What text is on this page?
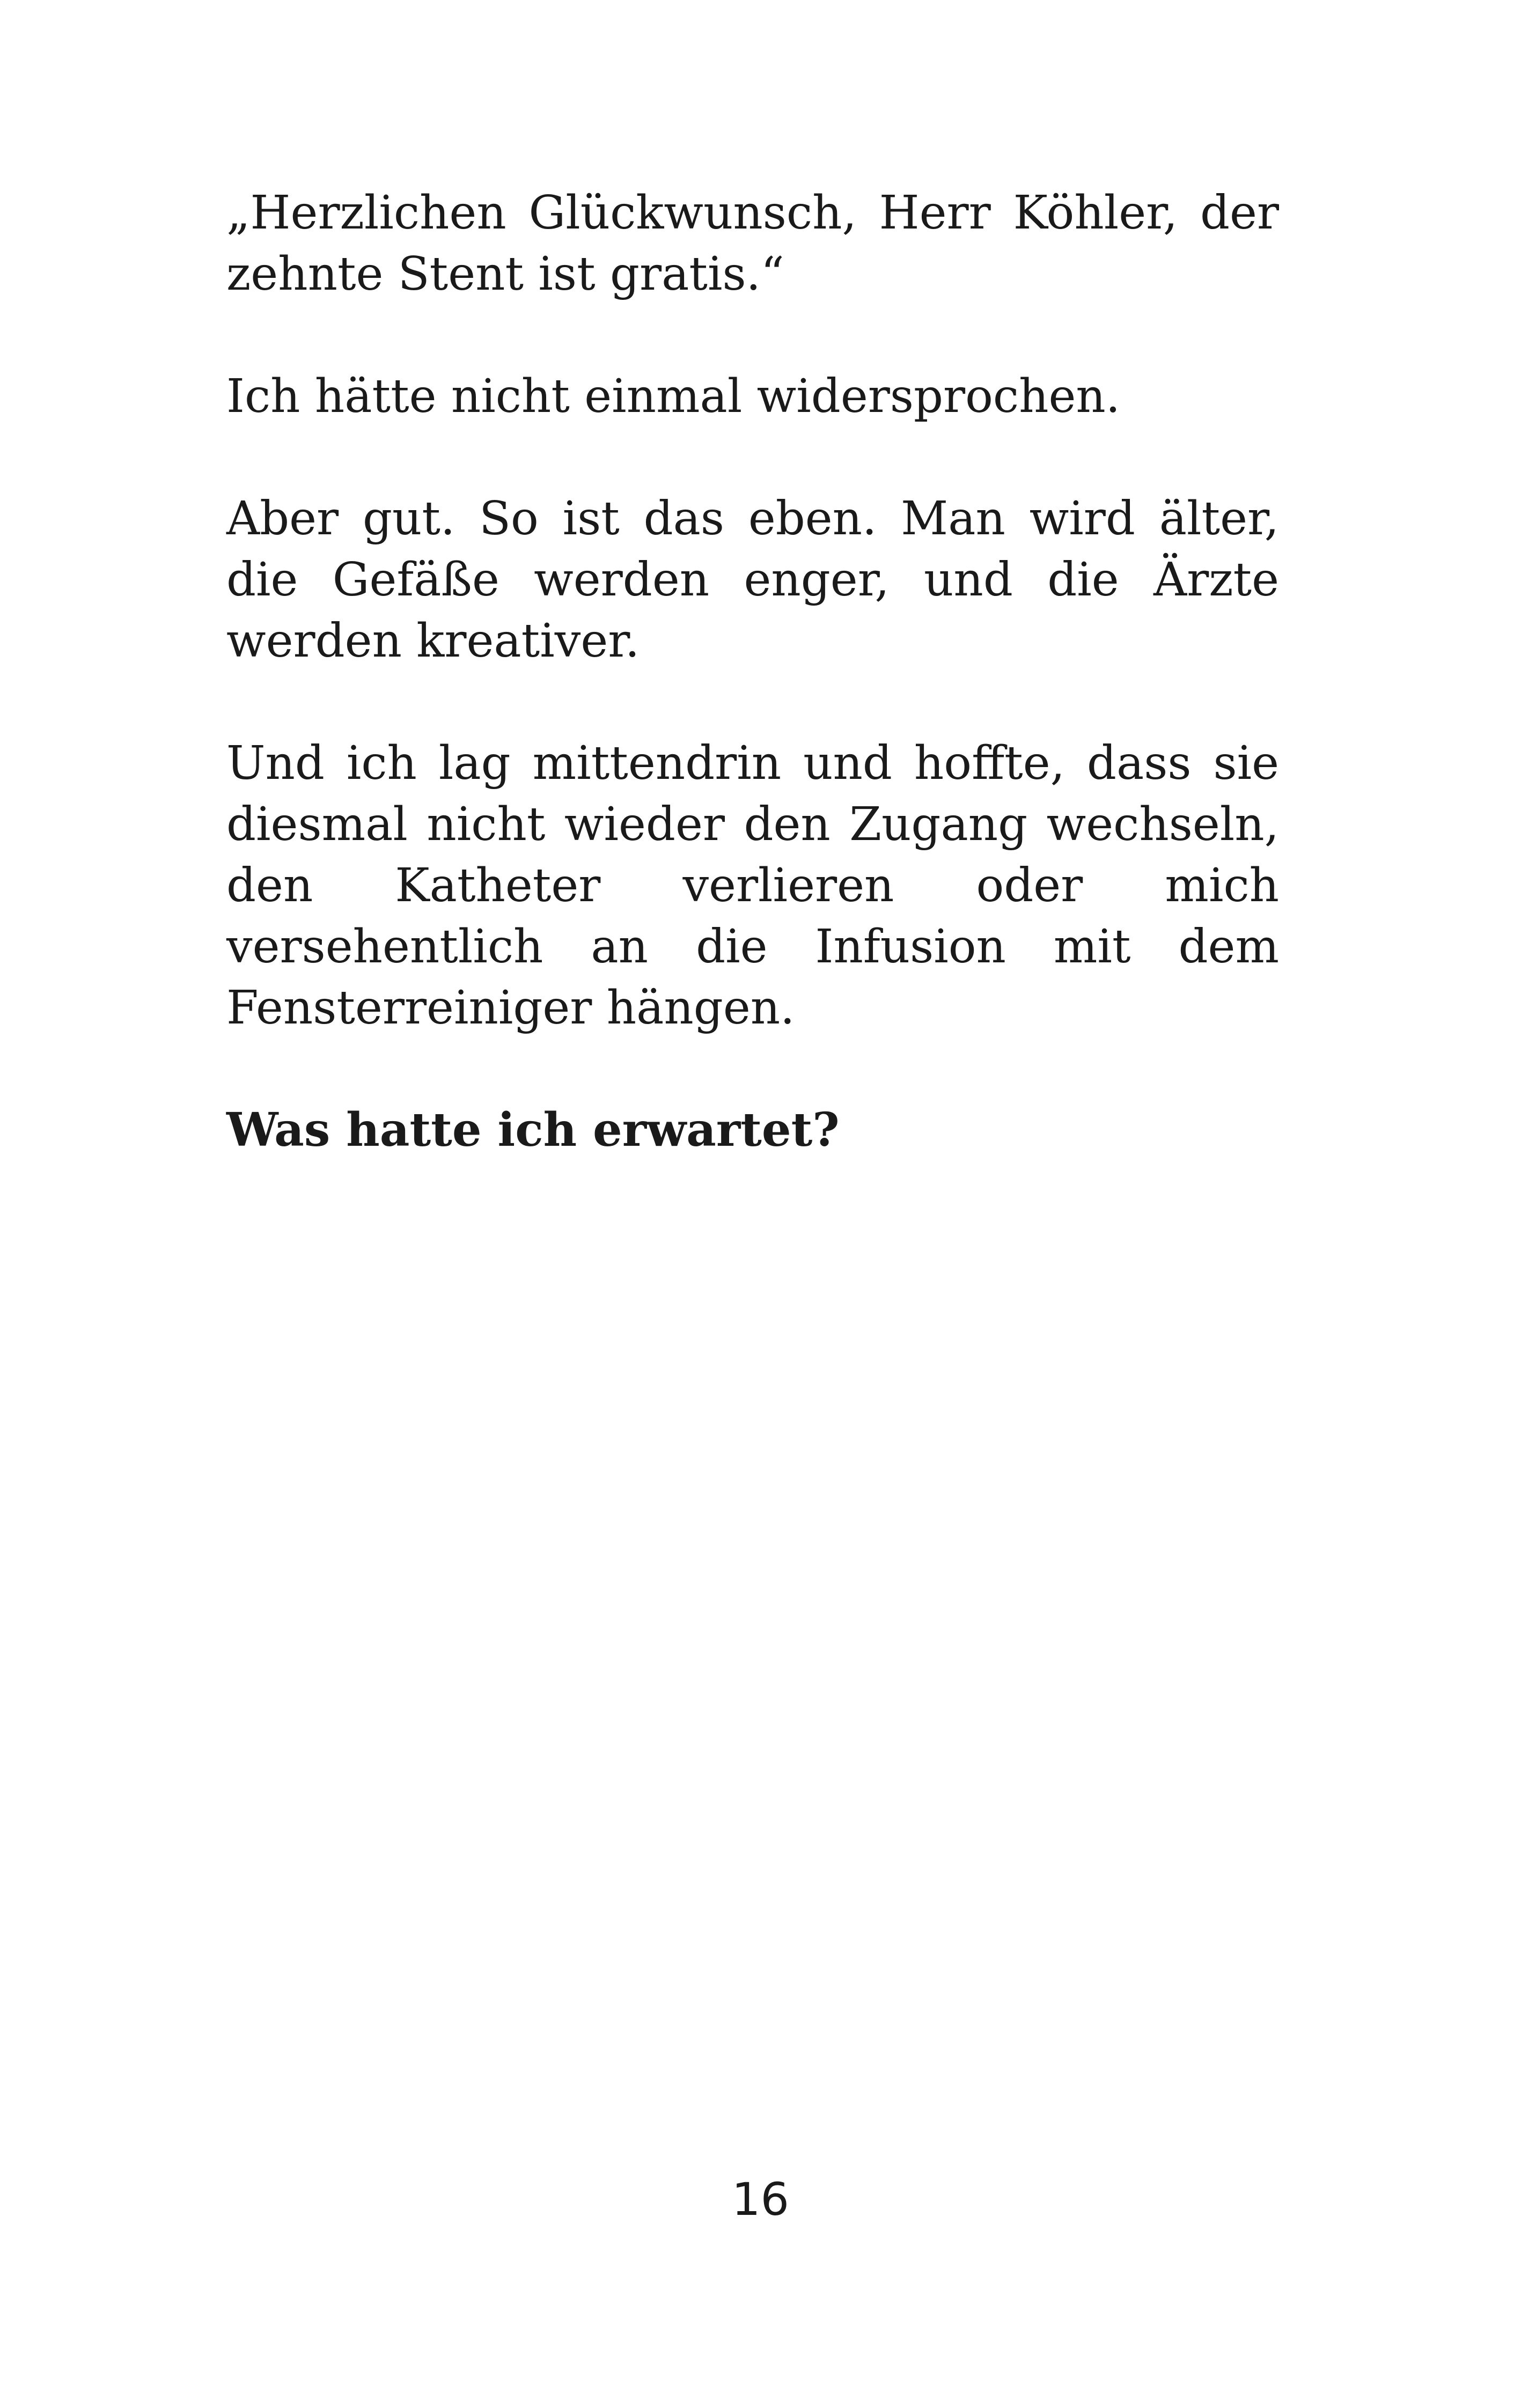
„Herzlichen Glückwunsch, Herr Köhler, der zehnte Stent ist gratis.“

Ich hätte nicht einmal widersprochen.

Aber gut. So ist das eben. Man wird älter, die Gefäße werden enger, und die Ärzte werden kreativer.

Und ich lag mittendrin und hoffte, dass sie diesmal nicht wieder den Zugang wechseln, den Katheter verlieren oder mich versehentlich an die Infusion mit dem Fensterreiniger hängen.

Was hatte ich erwartet?

16
